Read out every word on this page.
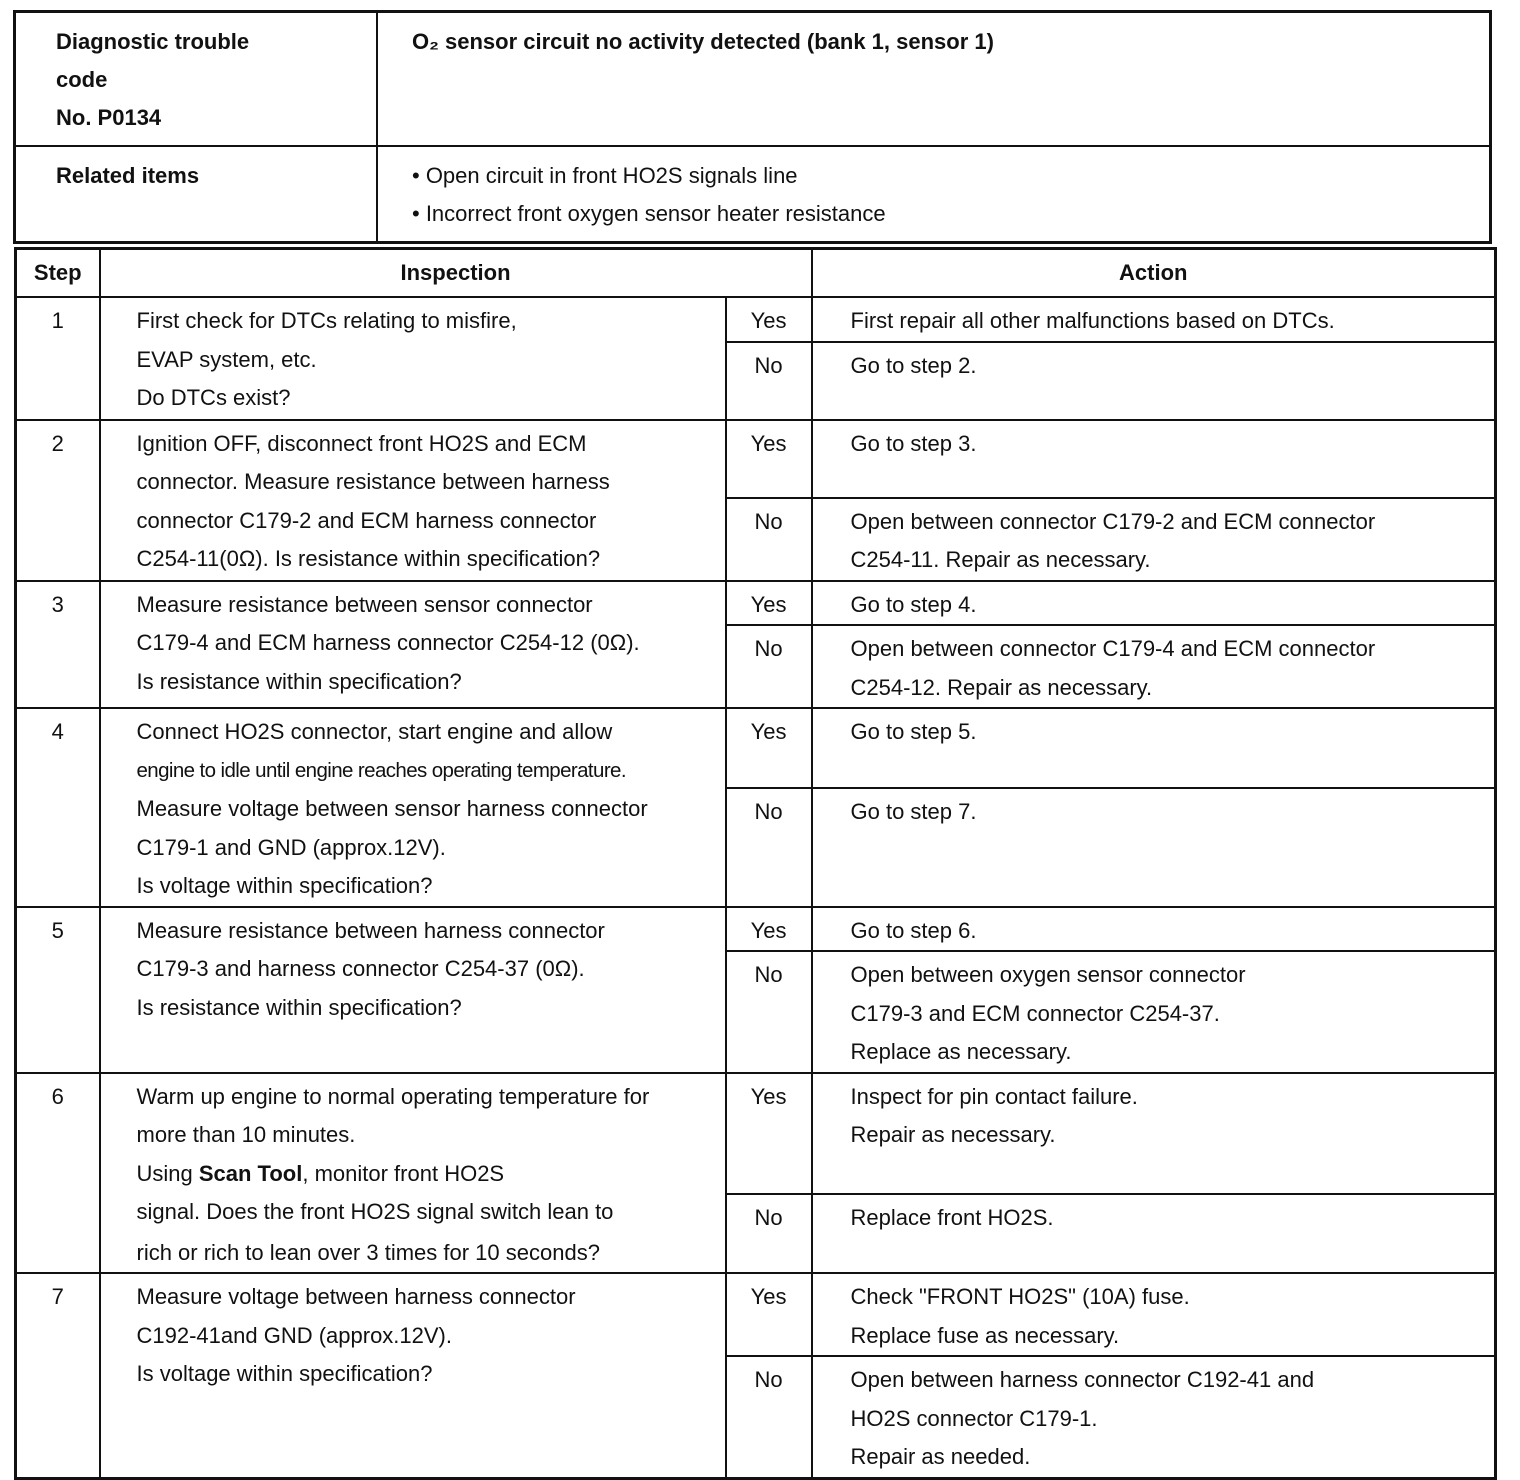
Diagnostic trouble
code
No. P0134	O₂ sensor circuit no activity detected (bank 1, sensor 1)
Related items	• Open circuit in front HO2S signals line
• Incorrect front oxygen sensor heater resistance
Step	Inspection		Action
1	First check for DTCs relating to misfire,
EVAP system, etc.
Do DTCs exist?	Yes	First repair all other malfunctions based on DTCs.

		No	Go to step 2.

2	Ignition OFF, disconnect front HO2S and ECM
connector. Measure resistance between harness
connector C179-2 and ECM harness connector
C254-11(0Ω). Is resistance within specification?	Yes	Go to step 3.

		No	Open between connector C179-2 and ECM connector
C254-11. Repair as necessary.

3	Measure resistance between sensor connector
C179-4 and ECM harness connector C254-12 (0Ω).
Is resistance within specification?	Yes	Go to step 4.

		No	Open between connector C179-4 and ECM connector
C254-12. Repair as necessary.

4	Connect HO2S connector, start engine and allow
engine to idle until engine reaches operating temperature.
Measure voltage between sensor harness connector
C179-1 and GND (approx.12V).
Is voltage within specification?	Yes	Go to step 5.

		No	Go to step 7.

5	Measure resistance between harness connector
C179-3 and harness connector C254-37 (0Ω).
Is resistance within specification?	Yes	Go to step 6.

		No	Open between oxygen sensor connector
C179-3 and ECM connector C254-37.
Replace as necessary.

6	Warm up engine to normal operating temperature for
more than 10 minutes.
Using Scan Tool, monitor front HO2S
signal. Does the front HO2S signal switch lean to
rich or rich to lean over 3 times for 10 seconds?	Yes	Inspect for pin contact failure.
Repair as necessary.

		No	Replace front HO2S.

7	Measure voltage between harness connector
C192-41and GND (approx.12V).
Is voltage within specification?	Yes	Check "FRONT HO2S" (10A) fuse.
Replace fuse as necessary.

		No	Open between harness connector C192-41 and
HO2S connector C179-1.
Repair as needed.
